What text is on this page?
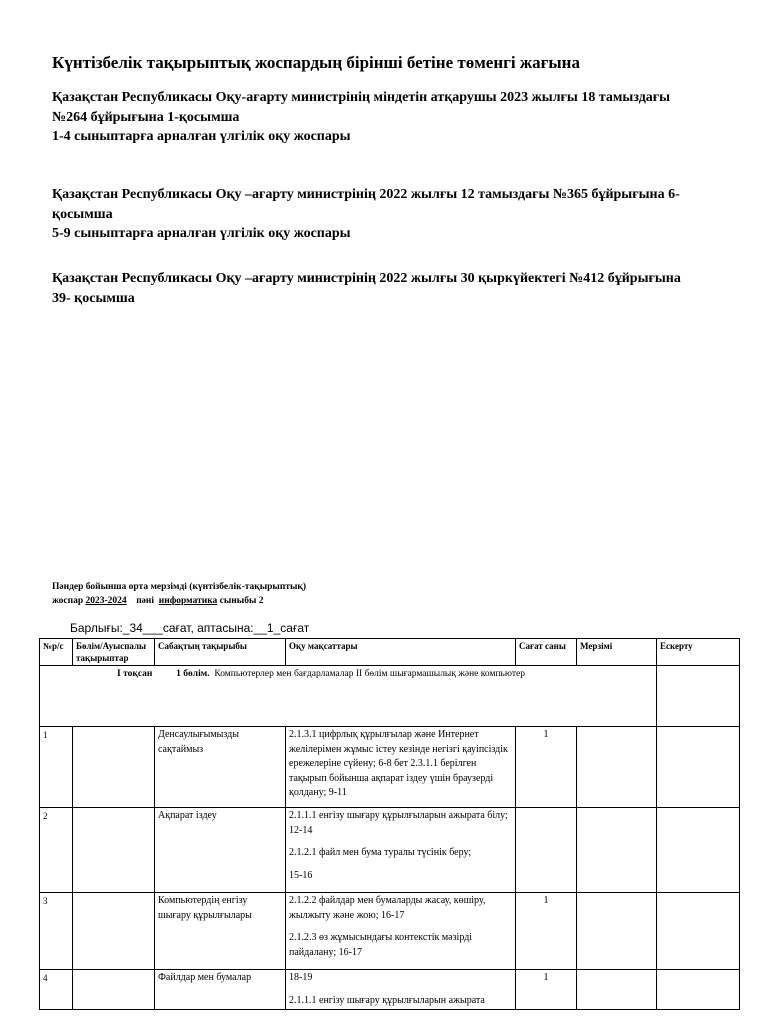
Күнтізбелік тақырыптық жоспардың бірінші бетіне төменгі жағына
Қазақстан Республикасы Оқу-ағарту министрінің міндетін атқарушы 2023 жылғы 18 тамыздағы
№264 бұйрығына 1-қосымша
1-4 сыныптарға арналған үлгілік оқу жоспары
Қазақстан Республикасы Оқу –ағарту министрінің 2022 жылғы 12 тамыздағы №365 бұйрығына 6-
қосымша
5-9 сыныптарға арналған үлгілік оқу жоспары
Қазақстан Республикасы Оқу –ағарту министрінің 2022 жылғы 30 қыркүйектегі №412 бұйрығына
39- қосымша
Пәндер бойынша орта мерзімді (күнтізбелік-тақырыптық)
жоспар 2023-2024 пәні информатика сыныбы 2
Барлығы:_34___сағат, аптасына:__1_сағат
№р/с	Бөлім/Ауыспалы тақырыптар	Сабақтың тақырыбы	Оқу мақсаттары	Сағат саны	Мерзімі	Ескерту

І тоқсан 1 бөлім. Компьютерлер мен бағдарламалар ІІ бөлім шығармашылық және компьютер						

1		Денсаулығымызды сақтаймыз	2.1.3.1 цифрлық құрылғылар және Интернет желілерімен жұмыс істеу кезінде негізгі қауіпсіздік ережелеріне сүйену; 6-8 бет 2.3.1.1 берілген тақырып бойынша ақпарат іздеу үшін браузерді қолдану; 9-11	1		
2		Ақпарат іздеу	2.1.1.1 енгізу шығару құрылғыларын ажырата білу; 12-14

2.1.2.1 файл мен бума туралы түсінік беру;

15-16			

3		Компьютердің енгізу шығару құрылғылары	2.1.2.2 файлдар мен бумаларды жасау, көшіру, жылжыту және жою; 16-17

2.1.2.3 өз жұмысындағы контекстік мәзірді пайдалану; 16-17	1		
4		Файлдар мен бумалар	18-19

2.1.1.1 енгізу шығару құрылғыларын ажырата	1		
